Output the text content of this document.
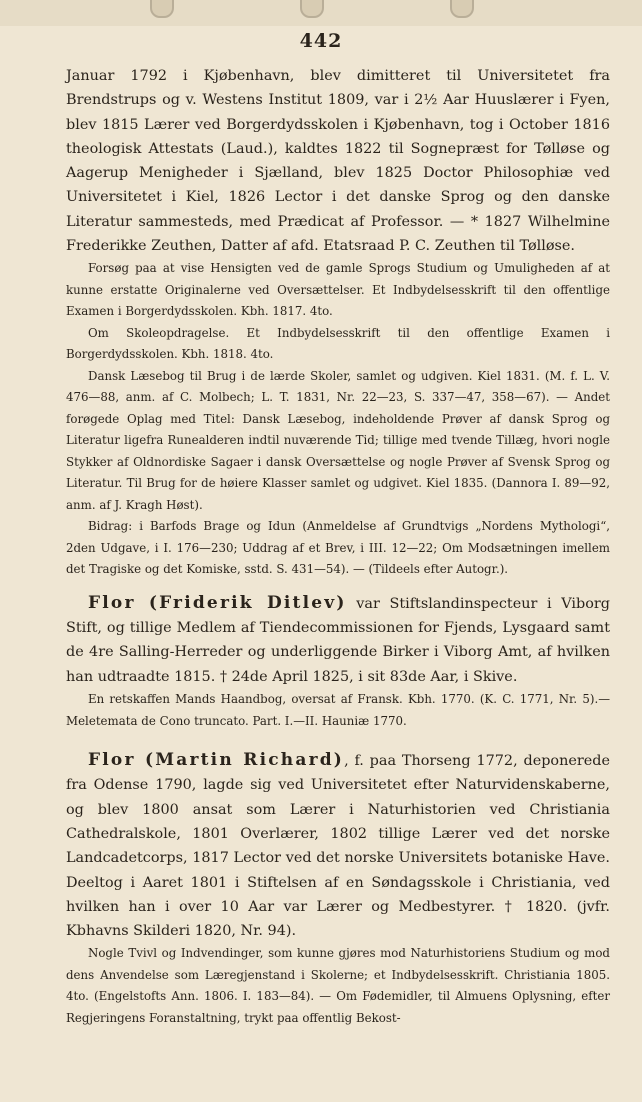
442

Januar 1792 i Kjøbenhavn, blev dimitteret til Universitetet fra Brendstrups og v. Westens Institut 1809, var i 2½ Aar Huuslærer i Fyen, blev 1815 Lærer ved Borgerdydsskolen i Kjøbenhavn, tog i October 1816 theologisk Attestats (Laud.), kaldtes 1822 til Sognepræst for Tølløse og Aagerup Menigheder i Sjælland, blev 1825 Doctor Philosophiæ ved Universitetet i Kiel, 1826 Lector i det danske Sprog og den danske Literatur sammesteds, med Prædicat af Professor. — * 1827 Wilhelmine Frederikke Zeuthen, Datter af afd. Etatsraad P. C. Zeuthen til Tølløse.

Forsøg paa at vise Hensigten ved de gamle Sprogs Studium og Umuligheden af at kunne erstatte Originalerne ved Oversættelser. Et Indbydelsesskrift til den offentlige Examen i Borgerdydsskolen. Kbh. 1817. 4to.

Om Skoleopdragelse. Et Indbydelsesskrift til den offentlige Examen i Borgerdydsskolen. Kbh. 1818. 4to.

Dansk Læsebog til Brug i de lærde Skoler, samlet og udgiven. Kiel 1831. (M. f. L. V. 476—88, anm. af C. Molbech; L. T. 1831, Nr. 22—23, S. 337—47, 358—67). — Andet forøgede Oplag med Titel: Dansk Læsebog, indeholdende Prøver af dansk Sprog og Literatur ligefra Runealderen indtil nuværende Tid; tillige med tvende Tillæg, hvori nogle Stykker af Oldnordiske Sagaer i dansk Oversættelse og nogle Prøver af Svensk Sprog og Literatur. Til Brug for de høiere Klasser samlet og udgivet. Kiel 1835. (Dannora I. 89—92, anm. af J. Kragh Høst).

Bidrag: i Barfods Brage og Idun (Anmeldelse af Grundtvigs „Nordens Mythologi“, 2den Udgave, i I. 176—230; Uddrag af et Brev, i III. 12—22; Om Modsætningen imellem det Tragiske og det Komiske, sstd. S. 431—54). — (Tildeels efter Autogr.).

Flor (Friderik Ditlev) var Stiftslandinspecteur i Viborg Stift, og tillige Medlem af Tiendecommissionen for Fjends, Lysgaard samt de 4re Salling-Herreder og underliggende Birker i Viborg Amt, af hvilken han udtraadte 1815. † 24de April 1825, i sit 83de Aar, i Skive.

En retskaffen Mands Haandbog, oversat af Fransk. Kbh. 1770. (K. C. 1771, Nr. 5).— Meletemata de Cono truncato. Part. I.—II. Hauniæ 1770.

Flor (Martin Richard), f. paa Thorseng 1772, deponerede fra Odense 1790, lagde sig ved Universitetet efter Naturvidenskaberne, og blev 1800 ansat som Lærer i Naturhistorien ved Christiania Cathedralskole, 1801 Overlærer, 1802 tillige Lærer ved det norske Landcadetcorps, 1817 Lector ved det norske Universitets botaniske Have. Deeltog i Aaret 1801 i Stiftelsen af en Søndagsskole i Christiania, ved hvilken han i over 10 Aar var Lærer og Medbestyrer. † 1820. (jvfr. Kbhavns Skilderi 1820, Nr. 94).

Nogle Tvivl og Indvendinger, som kunne gjøres mod Naturhistoriens Studium og mod dens Anvendelse som Læregjenstand i Skolerne; et Indbydelsesskrift. Christiania 1805. 4to. (Engelstofts Ann. 1806. I. 183—84). — Om Fødemidler, til Almuens Oplysning, efter Regjeringens Foranstaltning, trykt paa offentlig Bekost-
